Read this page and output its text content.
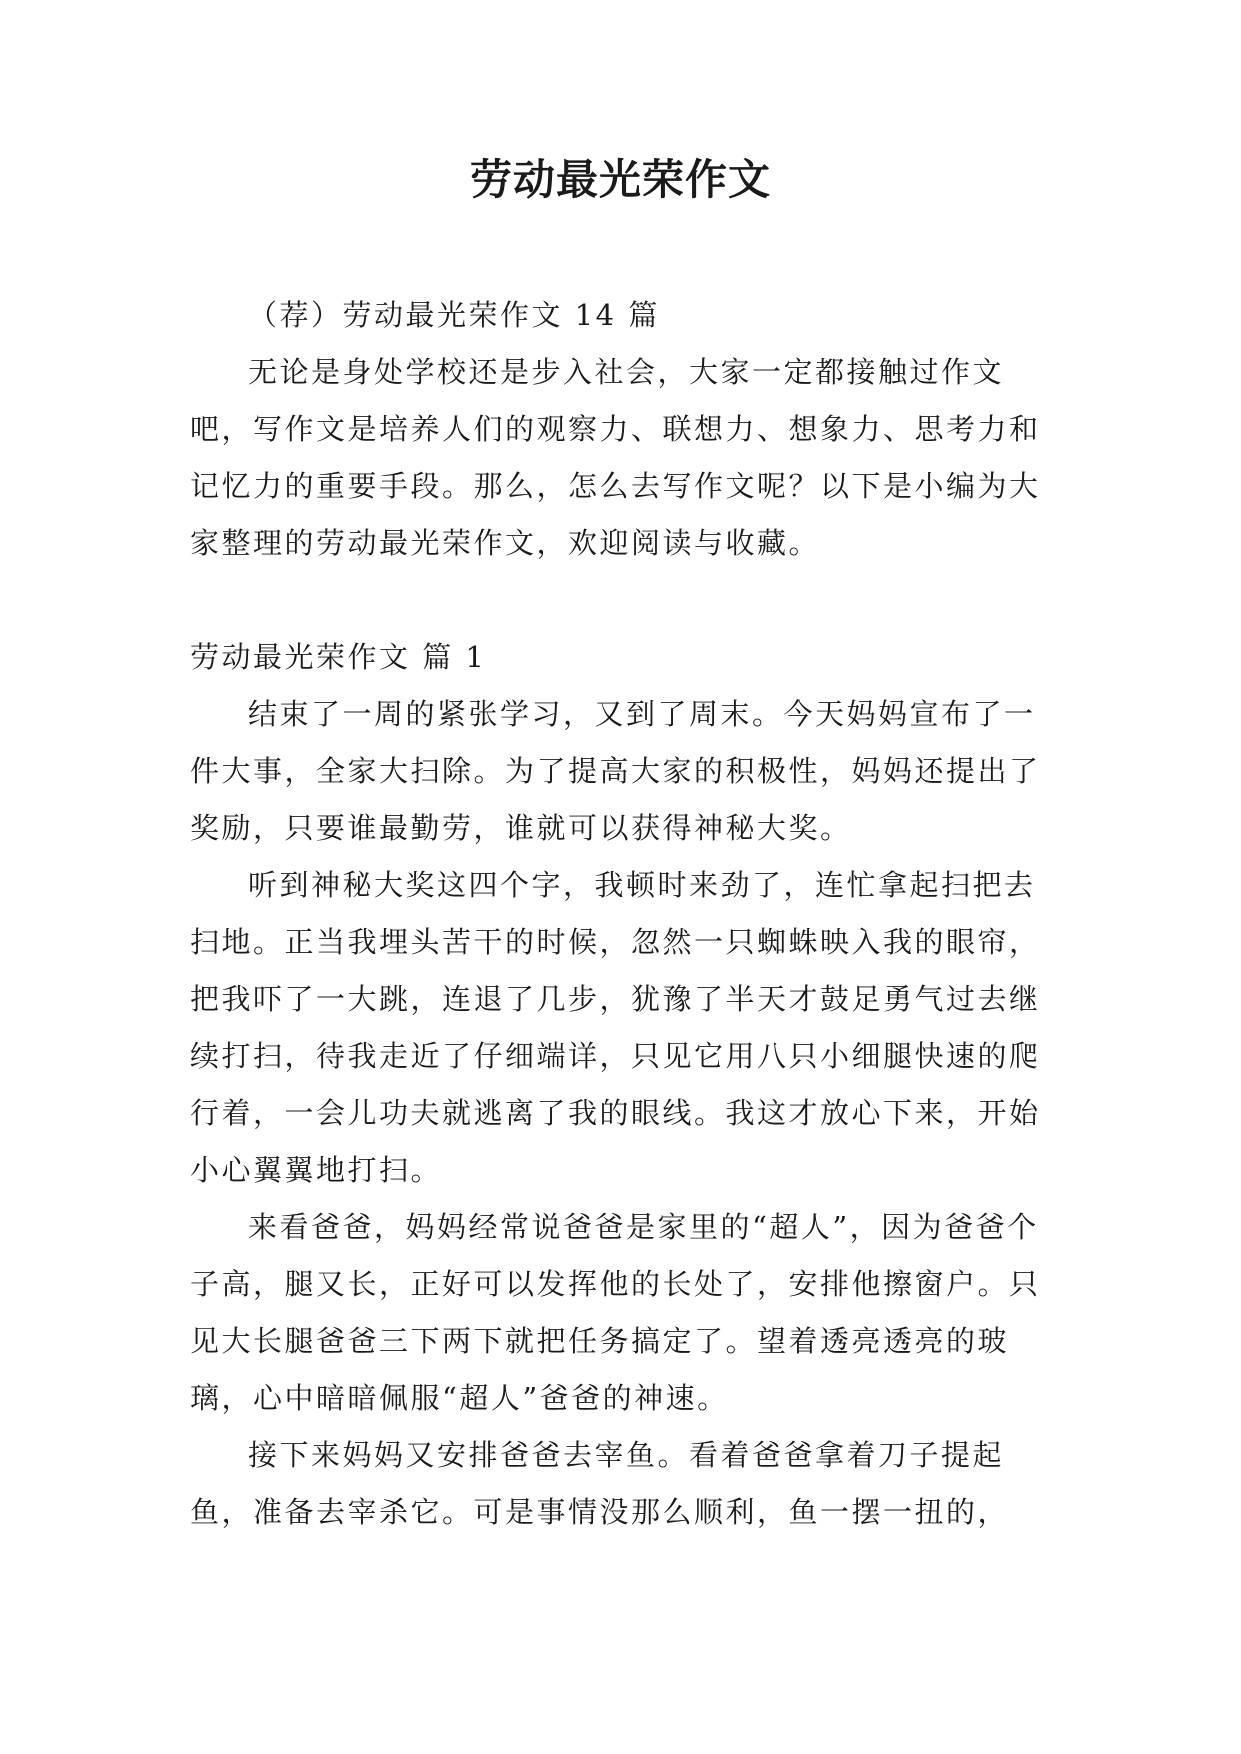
劳动最光荣作文

（荐）劳动最光荣作文 14 篇

无论是身处学校还是步入社会，大家一定都接触过作文吧，写作文是培养人们的观察力、联想力、想象力、思考力和记忆力的重要手段。那么，怎么去写作文呢？以下是小编为大家整理的劳动最光荣作文，欢迎阅读与收藏。

劳动最光荣作文 篇 1

结束了一周的紧张学习，又到了周末。今天妈妈宣布了一件大事，全家大扫除。为了提高大家的积极性，妈妈还提出了奖励，只要谁最勤劳，谁就可以获得神秘大奖。

听到神秘大奖这四个字，我顿时来劲了，连忙拿起扫把去扫地。正当我埋头苦干的时候，忽然一只蜘蛛映入我的眼帘，把我吓了一大跳，连退了几步，犹豫了半天才鼓足勇气过去继续打扫，待我走近了仔细端详，只见它用八只小细腿快速的爬行着，一会儿功夫就逃离了我的眼线。我这才放心下来，开始小心翼翼地打扫。

来看爸爸，妈妈经常说爸爸是家里的“超人”，因为爸爸个子高，腿又长，正好可以发挥他的长处了，安排他擦窗户。只见大长腿爸爸三下两下就把任务搞定了。望着透亮透亮的玻璃，心中暗暗佩服“超人”爸爸的神速。

接下来妈妈又安排爸爸去宰鱼。看着爸爸拿着刀子提起鱼，准备去宰杀它。可是事情没那么顺利，鱼一摆一扭的，
